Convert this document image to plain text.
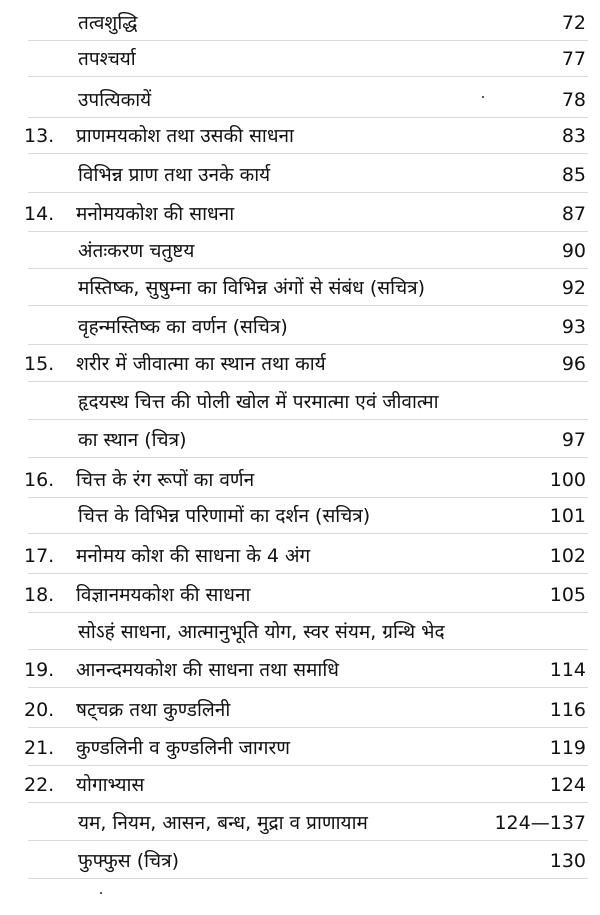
तत्वशुद्धि	72
तपश्चर्या	77
उपत्यिकायें	78
13.	प्राणमयकोश तथा उसकी साधना	83
विभिन्न प्राण तथा उनके कार्य	85
14.	मनोमयकोश की साधना	87
अंतःकरण चतुष्टय	90
मस्तिष्क, सुषुम्ना का विभिन्न अंगों से संबंध (सचित्र)	92
वृहन्मस्तिष्क का वर्णन (सचित्र)	93
15.	शरीर में जीवात्मा का स्थान तथा कार्य	96
हृदयस्थ चित्त की पोली खोल में परमात्मा एवं जीवात्मा
का स्थान (चित्र)	97
16.	चित्त के रंग रूपों का वर्णन	100
चित्त के विभिन्न परिणामों का दर्शन (सचित्र)	101
17.	मनोमय कोश की साधना के 4 अंग	102
18.	विज्ञानमयकोश की साधना	105
सोऽहं साधना, आत्मानुभूति योग, स्वर संयम, ग्रन्थि भेद
19.	आनन्दमयकोश की साधना तथा समाधि	114
20.	षट्चक्र तथा कुण्डलिनी	116
21.	कुण्डलिनी व कुण्डलिनी जागरण	119
22.	योगाभ्यास	124
यम, नियम, आसन, बन्ध, मुद्रा व प्राणायाम	124—137
फुफ्फुस (चित्र)	130
